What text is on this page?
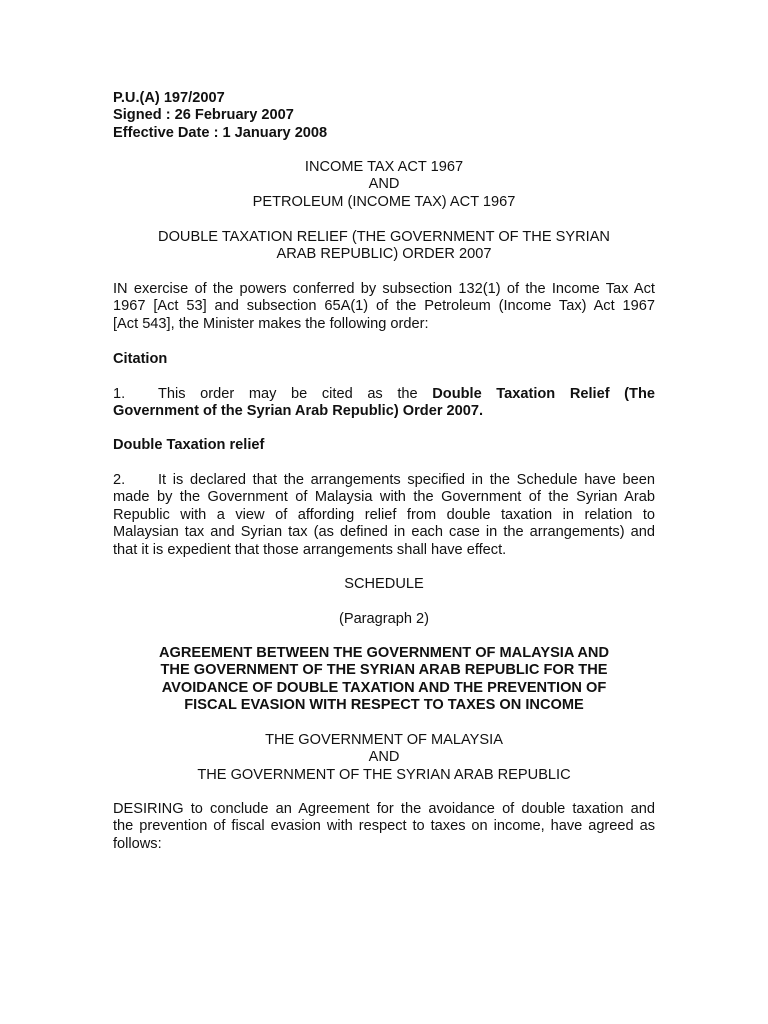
P.U.(A) 197/2007
Signed : 26 February 2007
Effective Date : 1 January 2008
INCOME TAX ACT 1967
AND
PETROLEUM (INCOME TAX) ACT 1967
DOUBLE TAXATION RELIEF (THE GOVERNMENT OF THE SYRIAN
ARAB REPUBLIC) ORDER 2007
IN exercise of the powers conferred by subsection 132(1) of the Income Tax Act
1967 [Act 53] and subsection 65A(1) of the Petroleum (Income Tax) Act 1967
[Act 543], the Minister makes the following order:
Citation
1. This order may be cited as the Double Taxation Relief (The
Government of the Syrian Arab Republic) Order 2007.
Double Taxation relief
2. It is declared that the arrangements specified in the Schedule have been
made by the Government of Malaysia with the Government of the Syrian Arab
Republic with a view of affording relief from double taxation in relation to
Malaysian tax and Syrian tax (as defined in each case in the arrangements) and
that it is expedient that those arrangements shall have effect.
SCHEDULE
(Paragraph 2)
AGREEMENT BETWEEN THE GOVERNMENT OF MALAYSIA AND
THE GOVERNMENT OF THE SYRIAN ARAB REPUBLIC FOR THE
AVOIDANCE OF DOUBLE TAXATION AND THE PREVENTION OF
FISCAL EVASION WITH RESPECT TO TAXES ON INCOME
THE GOVERNMENT OF MALAYSIA
AND
THE GOVERNMENT OF THE SYRIAN ARAB REPUBLIC
DESIRING to conclude an Agreement for the avoidance of double taxation and
the prevention of fiscal evasion with respect to taxes on income, have agreed as
follows:
